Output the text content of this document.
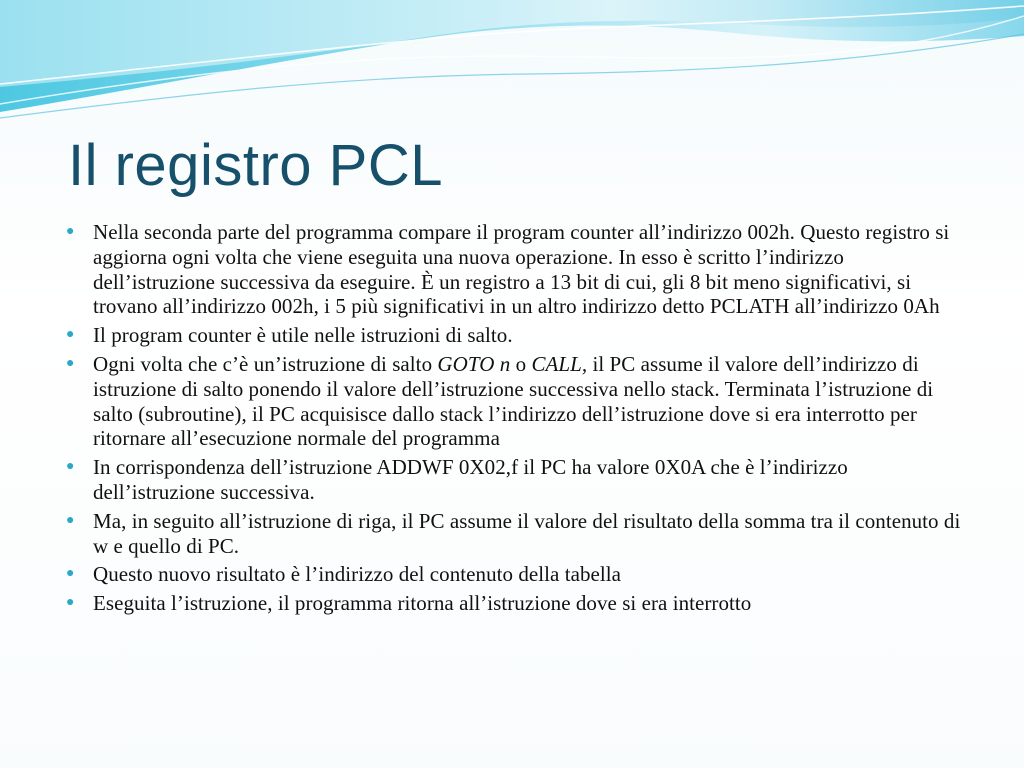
Il registro PCL
● Nella seconda parte del programma compare il program counter all’indirizzo 002h. Questo registro si aggiorna ogni volta che viene eseguita una nuova operazione. In esso è scritto l’indirizzo dell’istruzione successiva da eseguire. È un registro a 13 bit di cui, gli 8 bit meno significativi, si trovano all’indirizzo 002h, i 5 più significativi in un altro indirizzo detto PCLATH all’indirizzo 0Ah
● Il program counter è utile nelle istruzioni di salto.
● Ogni volta che c’è un’istruzione di salto GOTO n o CALL, il PC assume il valore dell’indirizzo di istruzione di salto ponendo il valore dell’istruzione successiva nello stack. Terminata l’istruzione di salto (subroutine), il PC acquisisce dallo stack l’indirizzo dell’istruzione dove si era interrotto per ritornare all’esecuzione normale del programma
● In corrispondenza dell’istruzione ADDWF 0X02,f il PC ha valore 0X0A che è l’indirizzo dell’istruzione successiva.
● Ma, in seguito all’istruzione di riga, il PC assume il valore del risultato della somma tra il contenuto di w e quello di PC.
● Questo nuovo risultato è l’indirizzo del contenuto della tabella
● Eseguita l’istruzione, il programma ritorna all’istruzione dove si era interrotto
